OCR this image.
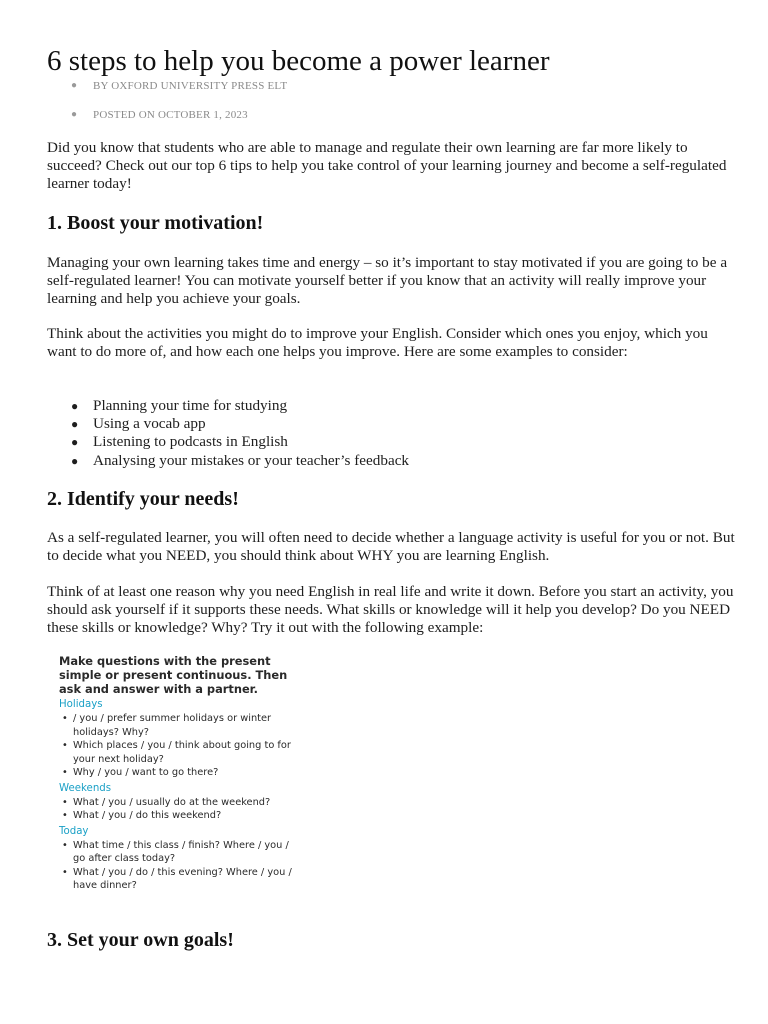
6 steps to help you become a power learner
● BY OXFORD UNIVERSITY PRESS ELT
● POSTED ON OCTOBER 1, 2023

Did you know that students who are able to manage and regulate their own learning are far more likely to succeed? Check out our top 6 tips to help you take control of your learning journey and become a self-regulated learner today!

1. Boost your motivation!

Managing your own learning takes time and energy – so it’s important to stay motivated if you are going to be a self-regulated learner! You can motivate yourself better if you know that an activity will really improve your learning and help you achieve your goals.

Think about the activities you might do to improve your English. Consider which ones you enjoy, which you want to do more of, and how each one helps you improve. Here are some examples to consider:

● Planning your time for studying
● Using a vocab app
● Listening to podcasts in English
● Analysing your mistakes or your teacher’s feedback
2. Identify your needs!

As a self-regulated learner, you will often need to decide whether a language activity is useful for you or not. But to decide what you NEED, you should think about WHY you are learning English.

Think of at least one reason why you need English in real life and write it down. Before you start an activity, you should ask yourself if it supports these needs. What skills or knowledge will it help you develop? Do you NEED these skills or knowledge? Why? Try it out with the following example:

Make questions with the present simple or present continuous. Then ask and answer with a partner.

Holidays
• / you / prefer summer holidays or winter holidays? Why?
• Which places / you / think about going to for your next holiday?
• Why / you / want to go there?
Weekends
• What / you / usually do at the weekend?
• What / you / do this weekend?
Today
• What time / this class / finish? Where / you / go after class today?
• What / you / do / this evening? Where / you / have dinner?
3. Set your own goals!
